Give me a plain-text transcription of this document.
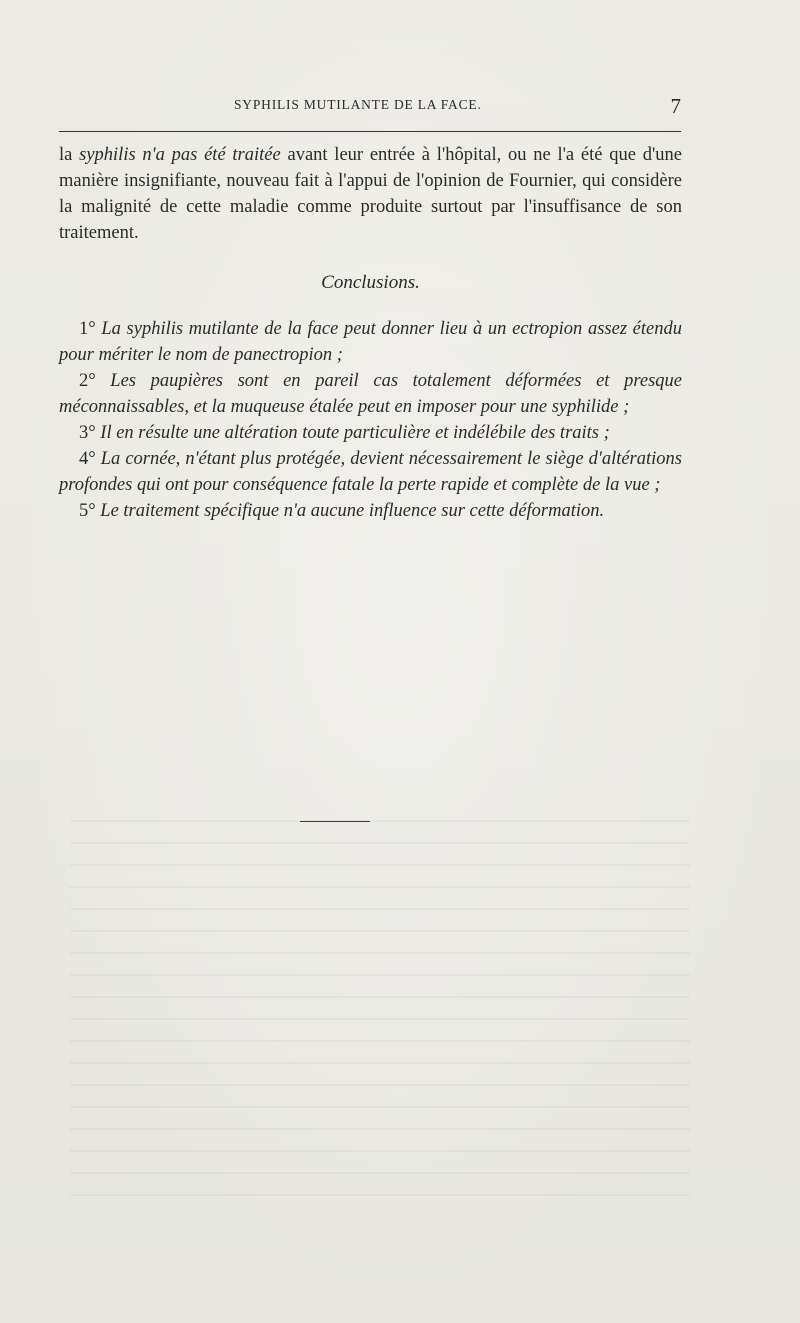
SYPHILIS MUTILANTE DE LA FACE.	7

la syphilis n'a pas été traitée avant leur entrée à l'hôpital, ou ne l'a été que d'une manière insignifiante, nouveau fait à l'appui de l'opinion de Fournier, qui considère la malignité de cette maladie comme produite surtout par l'insuffisance de son traitement.

Conclusions.

1° La syphilis mutilante de la face peut donner lieu à un ectropion assez étendu pour mériter le nom de panectropion ;

2° Les paupières sont en pareil cas totalement déformées et presque méconnaissables, et la muqueuse étalée peut en imposer pour une syphilide ;

3° Il en résulte une altération toute particulière et indélébile des traits ;

4° La cornée, n'étant plus protégée, devient nécessairement le siège d'altérations profondes qui ont pour conséquence fatale la perte rapide et complète de la vue ;

5° Le traitement spécifique n'a aucune influence sur cette déformation.
